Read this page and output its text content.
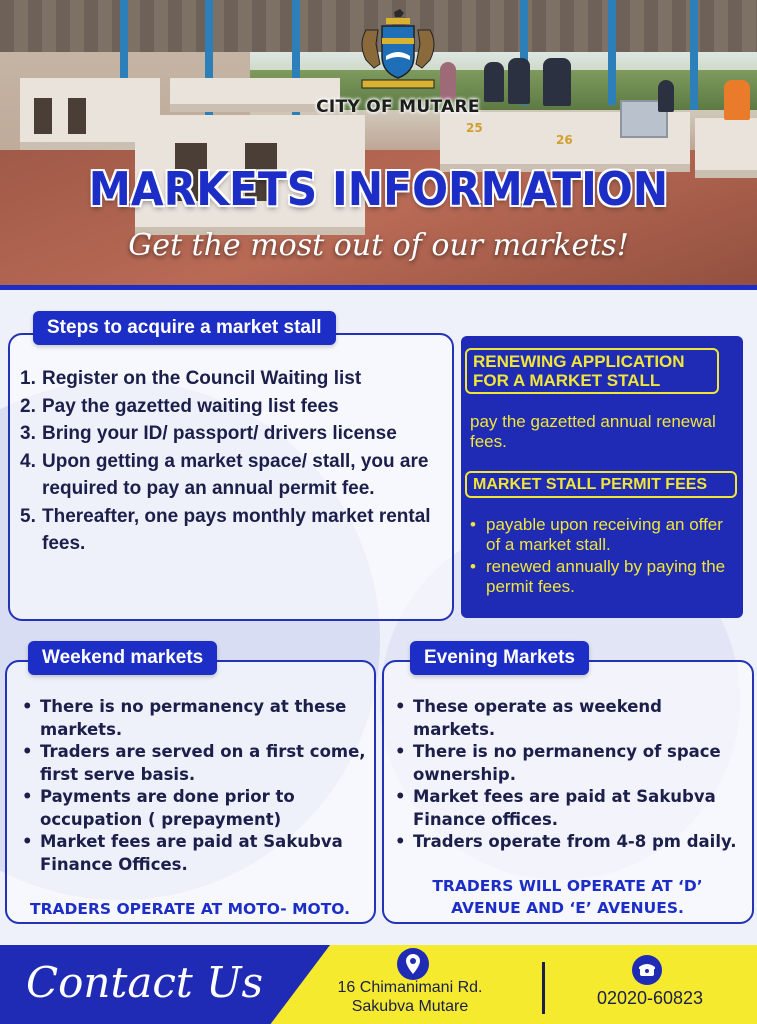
25
26
CITY OF MUTARE
MARKETS INFORMATION
Get the most out of our markets!
Steps to acquire a market stall
1. Register on the Council Waiting list
2. Pay the gazetted waiting list fees
3. Bring your ID/ passport/ drivers license
4. Upon getting a market space/ stall, you are required to pay an annual permit fee.
5. Thereafter, one pays monthly market rental fees.
RENEWING APPLICATION FOR A MARKET STALL
pay the gazetted annual renewal fees.
MARKET STALL PERMIT FEES
• payable upon receiving an offer of a market stall.
• renewed annually by paying the permit fees.
Weekend markets
• There is no permanency at these markets.
• Traders are served on a first come, first serve basis.
• Payments are done prior to occupation ( prepayment)
• Market fees are paid at Sakubva Finance Offices.
TRADERS OPERATE AT MOTO- MOTO.
Evening Markets
• These operate as weekend markets.
• There is no permanency of space ownership.
• Market fees are paid at Sakubva Finance offices.
• Traders operate from 4-8 pm daily.
TRADERS WILL OPERATE AT ‘D’ AVENUE AND ‘E’ AVENUES.
Contact Us	16 Chimanimani Rd.
Sakubva Mutare	02020-60823
